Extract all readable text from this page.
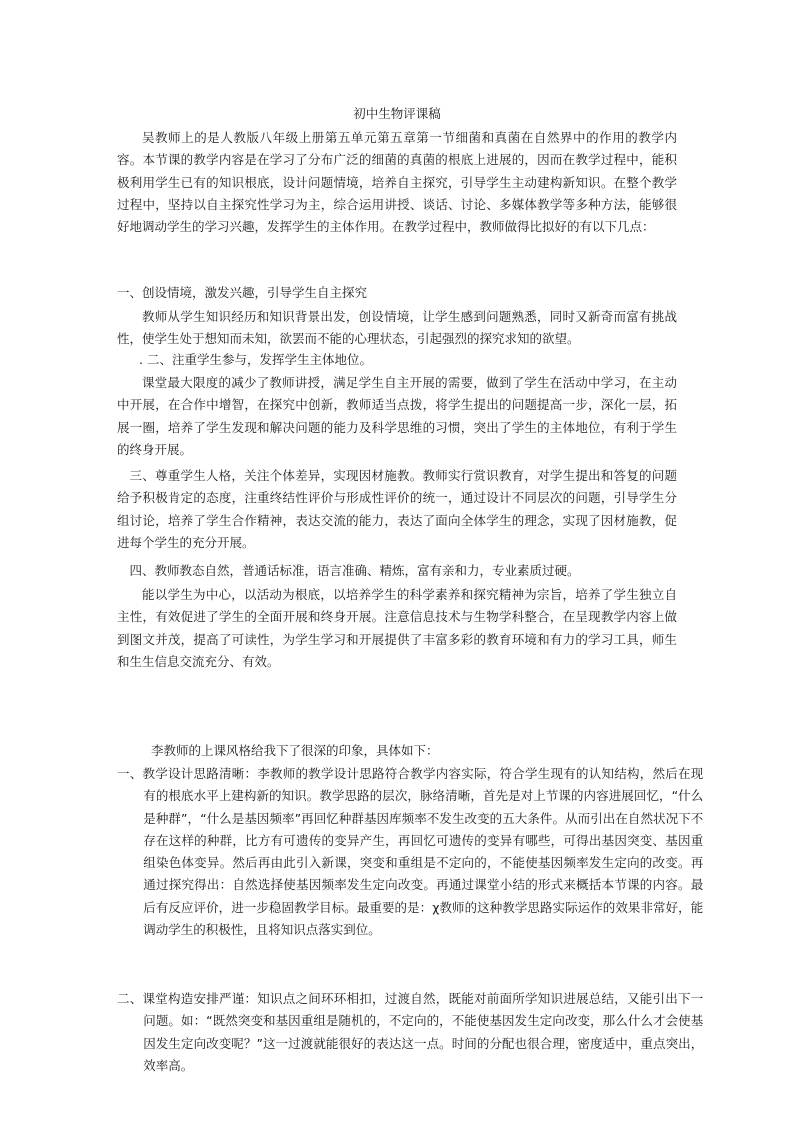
初中生物评课稿
吴教师上的是人教版八年级上册第五单元第五章第一节细菌和真菌在自然界中的作用的教学内容。本节课的教学内容是在学习了分布广泛的细菌的真菌的根底上进展的，因而在教学过程中，能积极利用学生已有的知识根底，设计问题情境，培养自主探究，引导学生主动建构新知识。在整个教学过程中，坚持以自主探究性学习为主，综合运用讲授、谈话、讨论、多媒体教学等多种方法，能够很好地调动学生的学习兴趣，发挥学生的主体作用。在教学过程中，教师做得比拟好的有以下几点：
一、创设情境，激发兴趣，引导学生自主探究
教师从学生知识经历和知识背景出发，创设情境，让学生感到问题熟悉，同时又新奇而富有挑战性，使学生处于想知而未知，欲罢而不能的心理状态，引起强烈的探究求知的欲望。
. 二、注重学生参与，发挥学生主体地位。
课堂最大限度的减少了教师讲授，满足学生自主开展的需要，做到了学生在活动中学习，在主动中开展，在合作中增智，在探究中创新，教师适当点拨，将学生提出的问题提高一步，深化一层，拓展一圈，培养了学生发现和解决问题的能力及科学思维的习惯，突出了学生的主体地位，有利于学生的终身开展。
三、尊重学生人格，关注个体差异，实现因材施教。教师实行赏识教育，对学生提出和答复的问题给予积极肯定的态度，注重终结性评价与形成性评价的统一，通过设计不同层次的问题，引导学生分组讨论，培养了学生合作精神，表达交流的能力，表达了面向全体学生的理念，实现了因材施教，促进每个学生的充分开展。
四、教师教态自然，普通话标准，语言准确、精炼，富有亲和力，专业素质过硬。
能以学生为中心，以活动为根底，以培养学生的科学素养和探究精神为宗旨，培养了学生独立自主性，有效促进了学生的全面开展和终身开展。注意信息技术与生物学科整合，在呈现教学内容上做到图文并茂，提高了可读性，为学生学习和开展提供了丰富多彩的教育环境和有力的学习工具，师生和生生信息交流充分、有效。
李教师的上课风格给我下了很深的印象，具体如下：
一、教学设计思路清晰：李教师的教学设计思路符合教学内容实际，符合学生现有的认知结构，然后在现有的根底水平上建构新的知识。教学思路的层次，脉络清晰，首先是对上节课的内容进展回忆，“什么是种群”，“什么是基因频率”再回忆种群基因库频率不发生改变的五大条件。从而引出在自然状况下不存在这样的种群，比方有可遗传的变异产生，再回忆可遗传的变异有哪些，可得出基因突变、基因重组染色体变异。然后再由此引入新课，突变和重组是不定向的，不能使基因频率发生定向的改变。再通过探究得出：自然选择使基因频率发生定向改变。再通过课堂小结的形式来概括本节课的内容。最后有反应评价，进一步稳固教学目标。最重要的是：χ教师的这种教学思路实际运作的效果非常好，能调动学生的积极性，且将知识点落实到位。
二、课堂构造安排严谨：知识点之间环环相扣，过渡自然，既能对前面所学知识进展总结，又能引出下一问题。如：“既然突变和基因重组是随机的，不定向的，不能使基因发生定向改变，那么什么才会使基因发生定向改变呢？”这一过渡就能很好的表达这一点。时间的分配也很合理，密度适中，重点突出，效率高。
